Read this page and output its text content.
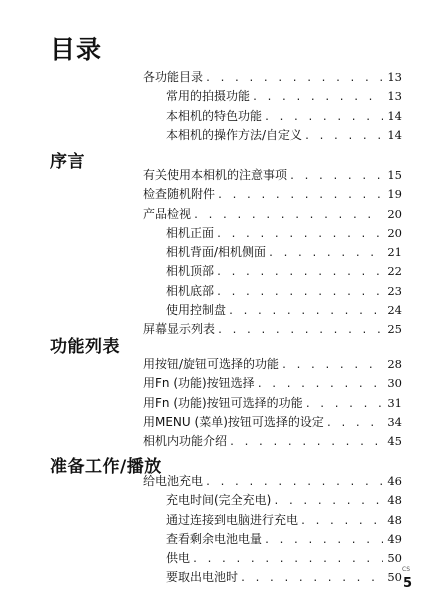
目录
各功能目录 . . .	13
常用的拍摄功能 . . .	13
本相机的特色功能 . . .	14
本相机的操作方法/自定义 . . .	14
序言
有关使用本相机的注意事项 . . .	15
检查随机附件 . . .	19
产品检视 . . .	20
相机正面 . . .	20
相机背面/相机侧面 . . .	21
相机顶部 . . .	22
相机底部 . . .	23
使用控制盘 . . .	24
屏幕显示列表 . . .	25
功能列表
用按钮/旋钮可选择的功能 . . .	28
用Fn (功能)按钮选择 . . .	30
用Fn (功能)按钮可选择的功能 . . .	31
用MENU (菜单)按钮可选择的设定 . . .	34
相机内功能介绍 . . .	45
准备工作/播放
给电池充电 . . .	46
充电时间(完全充电) . . .	48
通过连接到电脑进行充电 . . .	48
查看剩余电池电量 . . .	49
供电 . . .	50
要取出电池时 . . .	50
CS
5
